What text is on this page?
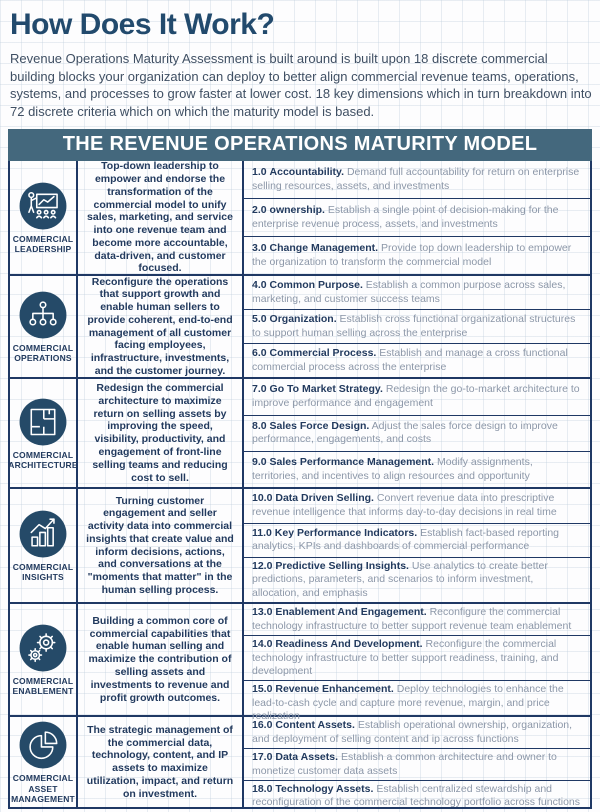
How Does It Work?

Revenue Operations Maturity Assessment is built around is built upon 18 discrete commercial building blocks your organization can deploy to better align commercial revenue teams, operations, systems, and processes to grow faster at lower cost. 18 key dimensions which in turn breakdown into 72 discrete criteria which on which the maturity model is based.

THE REVENUE OPERATIONS MATURITY MODEL
COMMERCIAL LEADERSHIP
Top-down leadership to empower and endorse the transformation of the commercial model to unify sales, marketing, and service into one revenue team and become more accountable, data-driven, and customer focused.
1.0 Accountability. Demand full accountability for return on enterprise selling resources, assets, and investments
2.0 ownership. Establish a single point of decision-making for the enterprise revenue process, assets, and investments
3.0 Change Management. Provide top down leadership to empower the organization to transform the commercial model
COMMERCIAL OPERATIONS
Reconfigure the operations that support growth and enable human sellers to provide coherent, end-to-end management of all customer facing employees, infrastructure, investments, and the customer journey.
4.0 Common Purpose. Establish a common purpose across sales, marketing, and customer success teams
5.0 Organization. Establish cross functional organizational structures to support human selling across the enterprise
6.0 Commercial Process. Establish and manage a cross functional commercial process across the enterprise
COMMERCIAL ARCHITECTURE
Redesign the commercial architecture to maximize return on selling assets by improving the speed, visibility, productivity, and engagement of front-line selling teams and reducing cost to sell.
7.0 Go To Market Strategy. Redesign the go-to-market architecture to improve performance and engagement
8.0 Sales Force Design. Adjust the sales force design to improve performance, engagements, and costs
9.0 Sales Performance Management. Modify assignments, territories, and incentives to align resources and opportunity
COMMERCIAL INSIGHTS
Turning customer engagement and seller activity data into commercial insights that create value and inform decisions, actions, and conversations at the "moments that matter" in the human selling process.
10.0 Data Driven Selling. Convert revenue data into prescriptive revenue intelligence that informs day-to-day decisions in real time
11.0 Key Performance Indicators. Establish fact-based reporting analytics, KPIs and dashboards of commercial performance
12.0 Predictive Selling Insights. Use analytics to create better predictions, parameters, and scenarios to inform investment, allocation, and emphasis
COMMERCIAL ENABLEMENT
Building a common core of commercial capabilities that enable human selling and maximize the contribution of selling assets and investments to revenue and profit growth outcomes.
13.0 Enablement And Engagement. Reconfigure the commercial technology infrastructure to better support revenue team enablement
14.0 Readiness And Development. Reconfigure the commercial technology infrastructure to better support readiness, training, and development
15.0 Revenue Enhancement. Deploy technologies to enhance the lead-to-cash cycle and capture more revenue, margin, and price realization
COMMERCIAL ASSET MANAGEMENT
The strategic management of the commercial data, technology, content, and IP assets to maximize utilization, impact, and return on investment.
16.0 Content Assets. Establish operational ownership, organization, and deployment of selling content and ip across functions
17.0 Data Assets. Establish a common architecture and owner to monetize customer data assets
18.0 Technology Assets. Establish centralized stewardship and reconfiguration of the commercial technology portfolio across functions
